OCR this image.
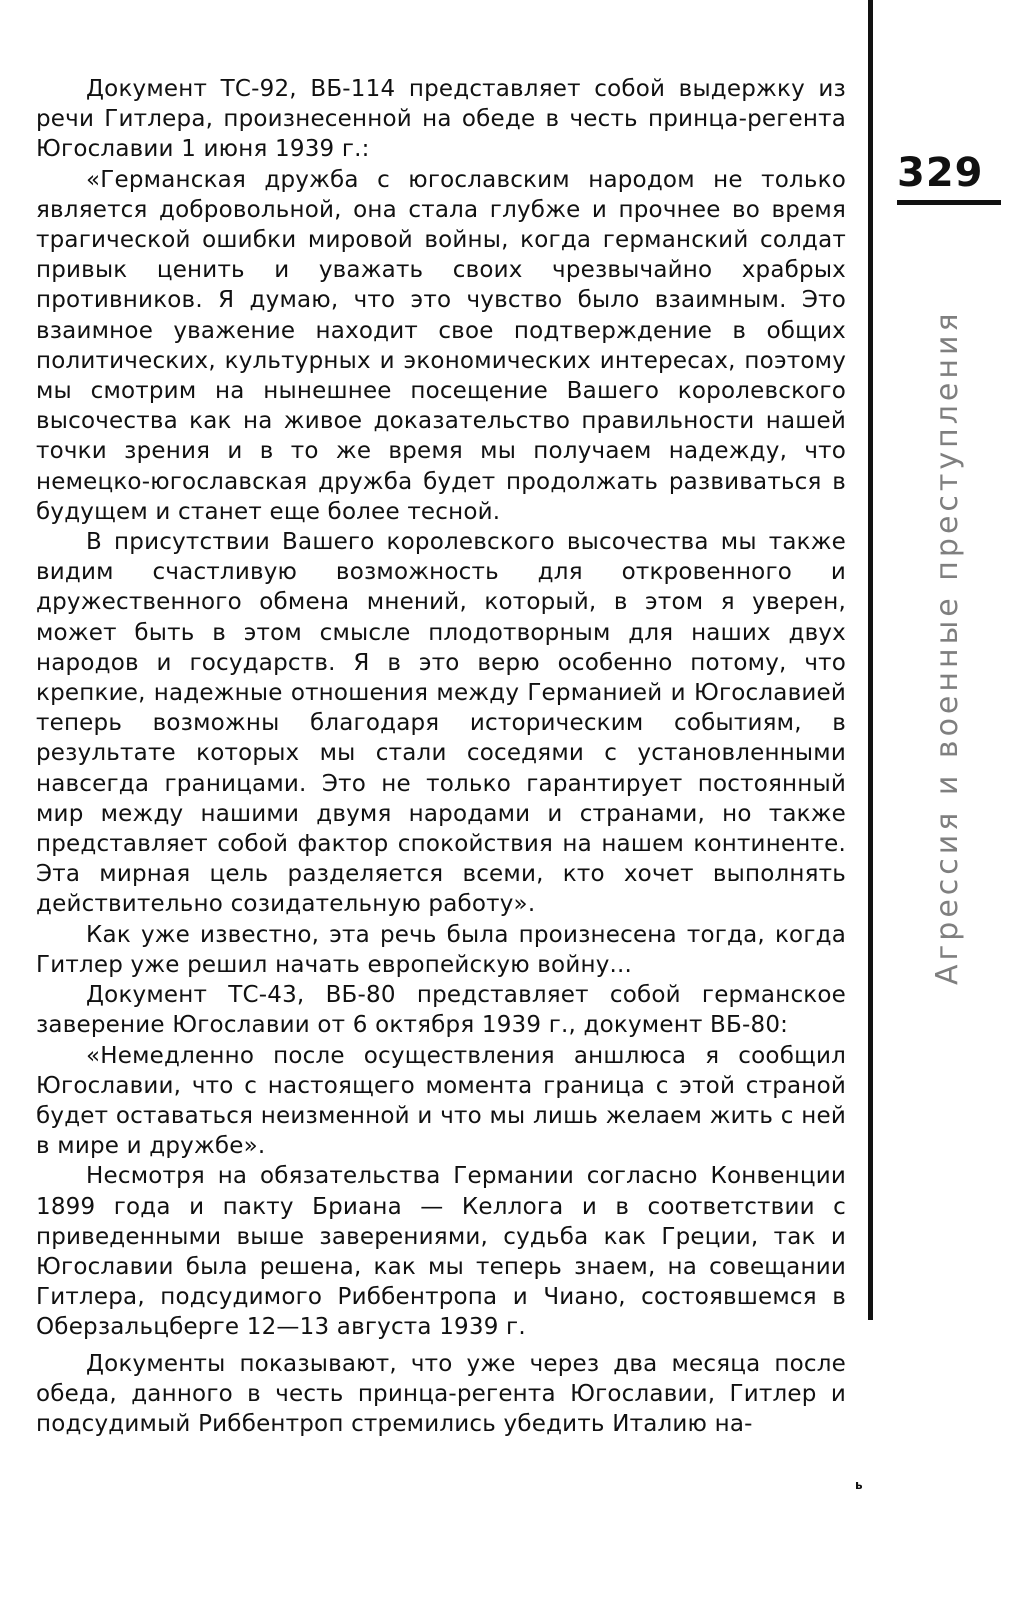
Документ ТС-92, ВБ-114 представляет собой выдержку из речи Гитлера, произнесенной на обеде в честь принца-регента Югославии 1 июня 1939 г.:

«Германская дружба с югославским народом не только является добровольной, она стала глубже и прочнее во время трагической ошибки мировой войны, когда германский солдат привык ценить и уважать своих чрезвычайно храбрых противников. Я думаю, что это чувство было взаимным. Это взаимное уважение находит свое подтверждение в общих политических, культурных и экономических интересах, поэтому мы смотрим на нынешнее посещение Вашего королевского высочества как на живое доказательство правильности нашей точки зрения и в то же время мы получаем надежду, что немецко-югославская дружба будет продолжать развиваться в будущем и станет еще более тесной.

В присутствии Вашего королевского высочества мы также видим счастливую возможность для откровенного и дружественного обмена мнений, который, в этом я уверен, может быть в этом смысле плодотворным для наших двух народов и государств. Я в это верю особенно потому, что крепкие, надежные отношения между Германией и Югославией теперь возможны благодаря историческим событиям, в результате которых мы стали соседями с установленными навсегда границами. Это не только гарантирует постоянный мир между нашими двумя народами и странами, но также представляет собой фактор спокойствия на нашем континенте. Эта мирная цель разделяется всеми, кто хочет выполнять действительно созидательную работу».

Как уже известно, эта речь была произнесена тогда, когда Гитлер уже решил начать европейскую войну...

Документ ТС-43, ВБ-80 представляет собой германское заверение Югославии от 6 октября 1939 г., документ ВБ-80:

«Немедленно после осуществления аншлюса я сообщил Югославии, что с настоящего момента граница с этой страной будет оставаться неизменной и что мы лишь желаем жить с ней в мире и дружбе».

Несмотря на обязательства Германии согласно Конвенции 1899 года и пакту Бриана — Келлога и в соответствии с приведенными выше заверениями, судьба как Греции, так и Югославии была решена, как мы теперь знаем, на совещании Гитлера, подсудимого Риббентропа и Чиано, состоявшемся в Оберзальцберге 12—13 августа 1939 г.

Документы показывают, что уже через два месяца после обеда, данного в честь принца-регента Югославии, Гитлер и подсудимый Риббентроп стремились убедить Италию на-

329
Агрессия и военные преступления
ь
